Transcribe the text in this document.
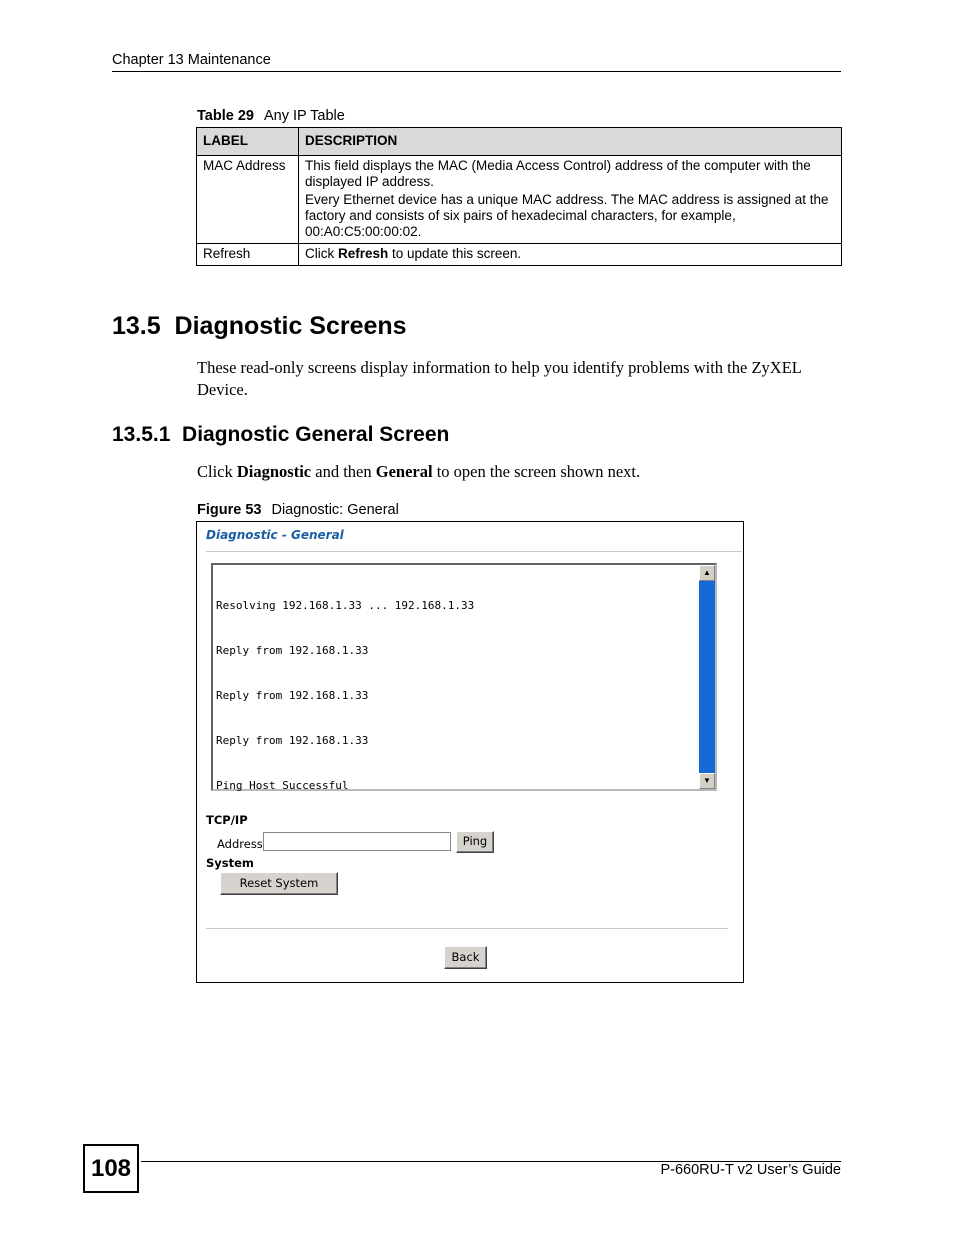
Chapter 13 Maintenance
Table 29 Any IP Table
LABEL	DESCRIPTION
MAC Address	This field displays the MAC (Media Access Control) address of the computer with the displayed IP address.

Every Ethernet device has a unique MAC address. The MAC address is assigned at the factory and consists of six pairs of hexadecimal characters, for example, 00:A0:C5:00:00:02.

Refresh	Click Refresh to update this screen.
13.5  Diagnostic Screens
These read-only screens display information to help you identify problems with the ZyXEL Device.
13.5.1  Diagnostic General Screen
Click Diagnostic and then General to open the screen shown next.
Figure 53 Diagnostic: General
Diagnostic - General

Resolving 192.168.1.33 ... 192.168.1.33

Reply from 192.168.1.33

Reply from 192.168.1.33

Reply from 192.168.1.33

Ping Host Successful

▲
▼
TCP/IP
Address	Ping
System
Reset System
Back
108	P-660RU-T v2 User’s Guide
